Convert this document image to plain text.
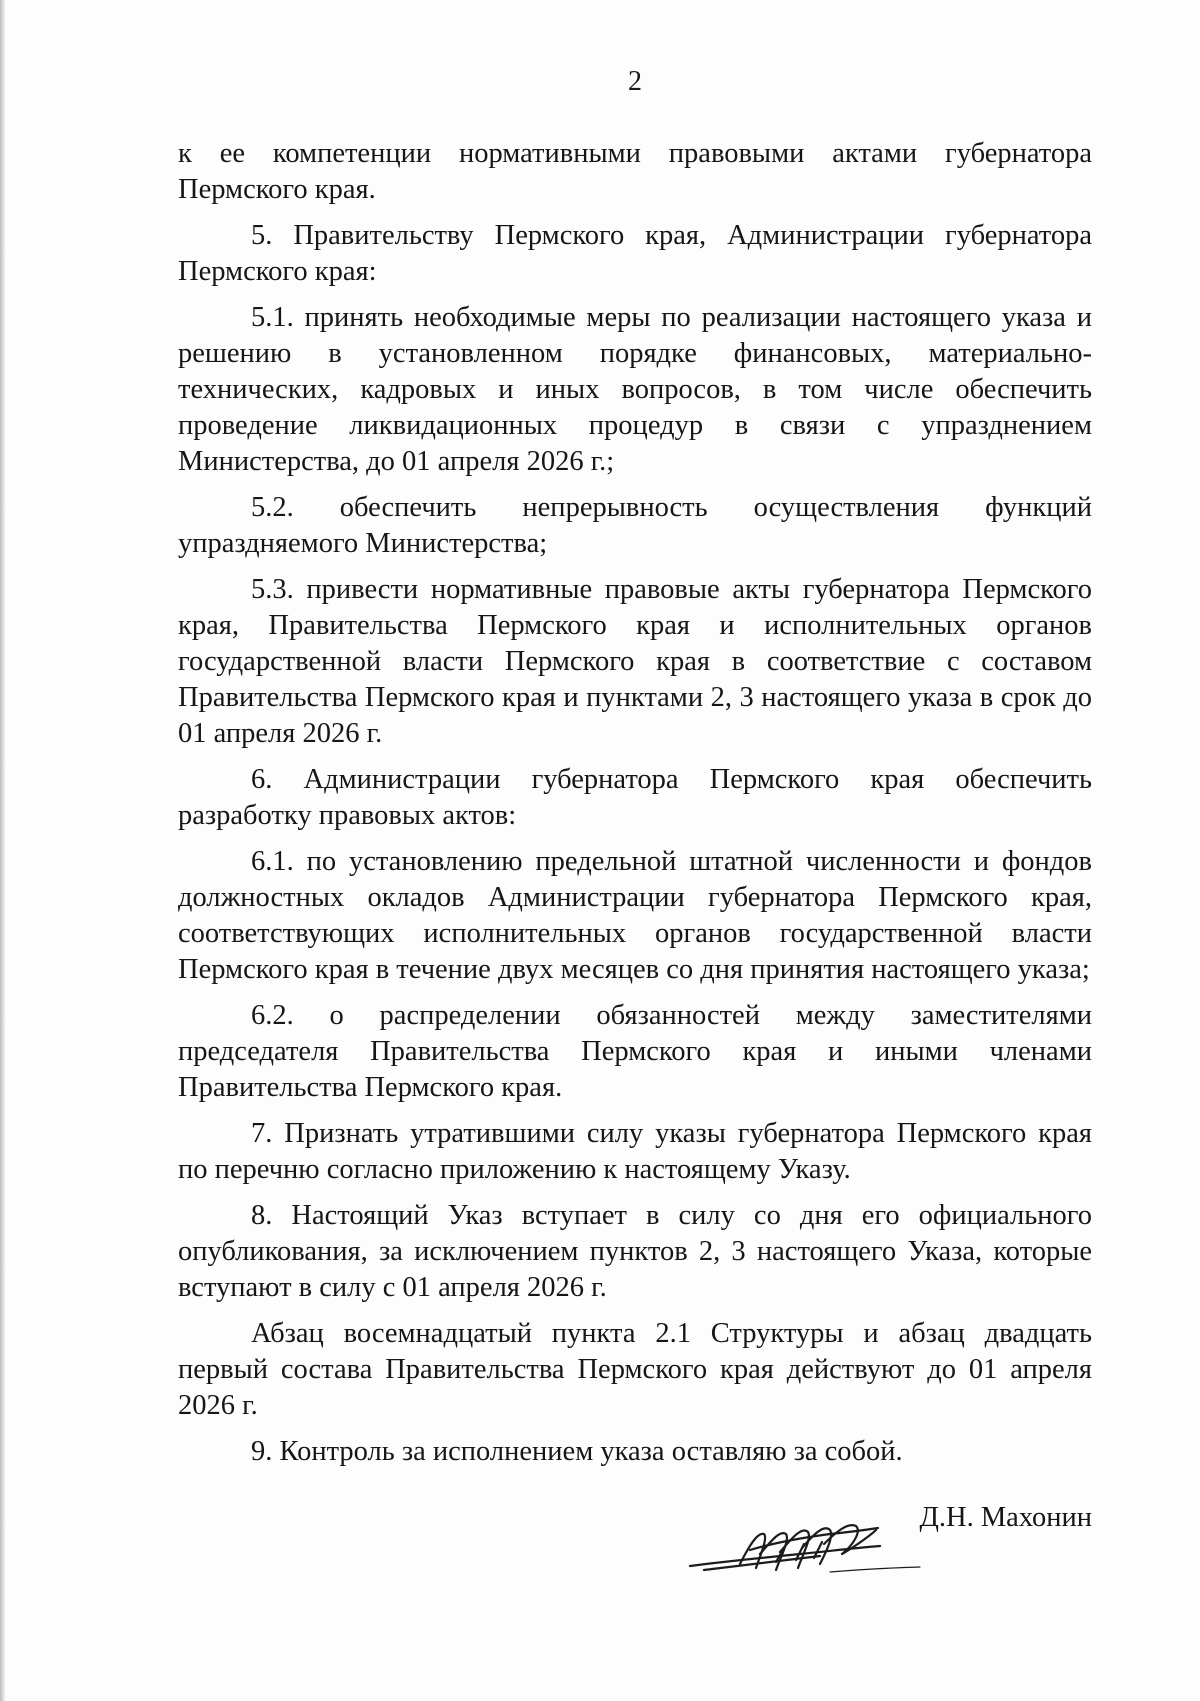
2

к ее компетенции нормативными правовыми актами губернатора Пермского края.

5. Правительству Пермского края, Администрации губернатора Пермского края:

5.1. принять необходимые меры по реализации настоящего указа и решению в установленном порядке финансовых, материально-технических, кадровых и иных вопросов, в том числе обеспечить проведение ликвидационных процедур в связи с упразднением Министерства, до 01 апреля 2026 г.;

5.2. обеспечить непрерывность осуществления функций упраздняемого Министерства;

5.3. привести нормативные правовые акты губернатора Пермского края, Правительства Пермского края и исполнительных органов государственной власти Пермского края в соответствие с составом Правительства Пермского края и пунктами 2, 3 настоящего указа в срок до 01 апреля 2026 г.

6. Администрации губернатора Пермского края обеспечить разработку правовых актов:

6.1. по установлению предельной штатной численности и фондов должностных окладов Администрации губернатора Пермского края, соответствующих исполнительных органов государственной власти Пермского края в течение двух месяцев со дня принятия настоящего указа;

6.2. о распределении обязанностей между заместителями председателя Правительства Пермского края и иными членами Правительства Пермского края.

7. Признать утратившими силу указы губернатора Пермского края по перечню согласно приложению к настоящему Указу.

8. Настоящий Указ вступает в силу со дня его официального опубликования, за исключением пунктов 2, 3 настоящего Указа, которые вступают в силу с 01 апреля 2026 г.

Абзац восемнадцатый пункта 2.1 Структуры и абзац двадцать первый состава Правительства Пермского края действуют до 01 апреля 2026 г.

9. Контроль за исполнением указа оставляю за собой.

Д.Н. Махонин
